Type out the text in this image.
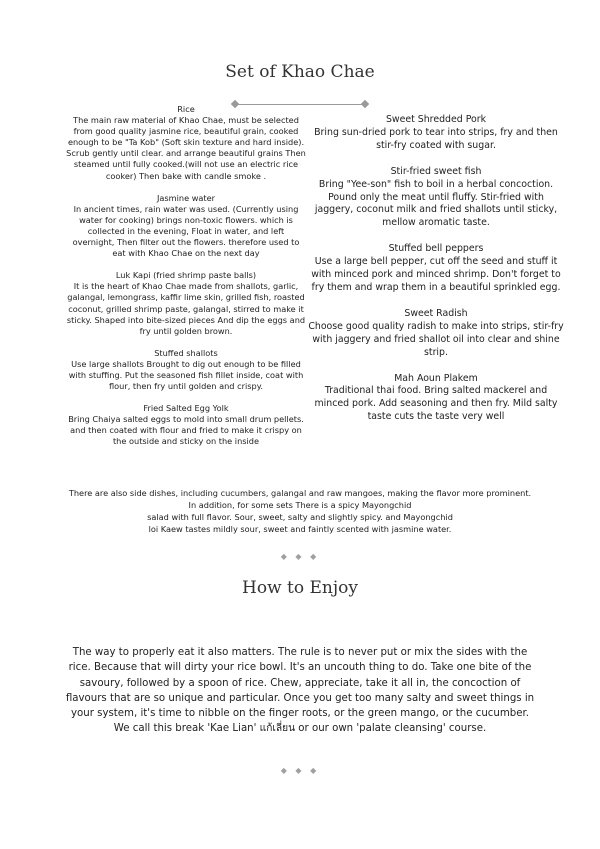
Set of Khao Chae
Rice

The main raw material of Khao Chae, must be selected from good quality jasmine rice, beautiful grain, cooked enough to be "Ta Kob" (Soft skin texture and hard inside). Scrub gently until clear. and arrange beautiful grains Then steamed until fully cooked.(will not use an electric rice cooker) Then bake with candle smoke .

Jasmine water

In ancient times, rain water was used. (Currently using water for cooking) brings non-toxic flowers. which is collected in the evening, Float in water, and left overnight, Then filter out the flowers. therefore used to eat with Khao Chae on the next day

Luk Kapi (fried shrimp paste balls)

It is the heart of Khao Chae made from shallots, garlic, galangal, lemongrass, kaffir lime skin, grilled fish, roasted coconut, grilled shrimp paste, galangal, stirred to make it sticky. Shaped into bite-sized pieces And dip the eggs and fry until golden brown.

Stuffed shallots

Use large shallots Brought to dig out enough to be filled with stuffing. Put the seasoned fish fillet inside, coat with flour, then fry until golden and crispy.

Fried Salted Egg Yolk

Bring Chaiya salted eggs to mold into small drum pellets. and then coated with flour and fried to make it crispy on the outside and sticky on the inside

Sweet Shredded Pork

Bring sun-dried pork to tear into strips, fry and then stir-fry coated with sugar.

Stir-fried sweet fish

Bring "Yee-son" fish to boil in a herbal concoction. Pound only the meat until fluffy. Stir-fried with jaggery, coconut milk and fried shallots until sticky, mellow aromatic taste.

Stuffed bell peppers

Use a large bell pepper, cut off the seed and stuff it with minced pork and minced shrimp. Don't forget to fry them and wrap them in a beautiful sprinkled egg.

Sweet Radish

Choose good quality radish to make into strips, stir-fry with jaggery and fried shallot oil into clear and shine strip.

Mah Aoun Plakem

Traditional thai food. Bring salted mackerel and minced pork. Add seasoning and then fry. Mild salty taste cuts the taste very well

There are also side dishes, including cucumbers, galangal and raw mangoes, making the flavor more prominent.

In addition, for some sets There is a spicy Mayongchid

salad with full flavor. Sour, sweet, salty and slightly spicy. and Mayongchid

loi Kaew tastes mildly sour, sweet and faintly scented with jasmine water.

◆ ◆ ◆
How to Enjoy

The way to properly eat it also matters. The rule is to never put or mix the sides with the rice. Because that will dirty your rice bowl. It's an uncouth thing to do. Take one bite of the savoury, followed by a spoon of rice. Chew, appreciate, take it all in, the concoction of flavours that are so unique and particular. Once you get too many salty and sweet things in your system, it's time to nibble on the finger roots, or the green mango, or the cucumber. We call this break 'Kae Lian' แก้เลี่ยน or our own 'palate cleansing' course.

◆ ◆ ◆
